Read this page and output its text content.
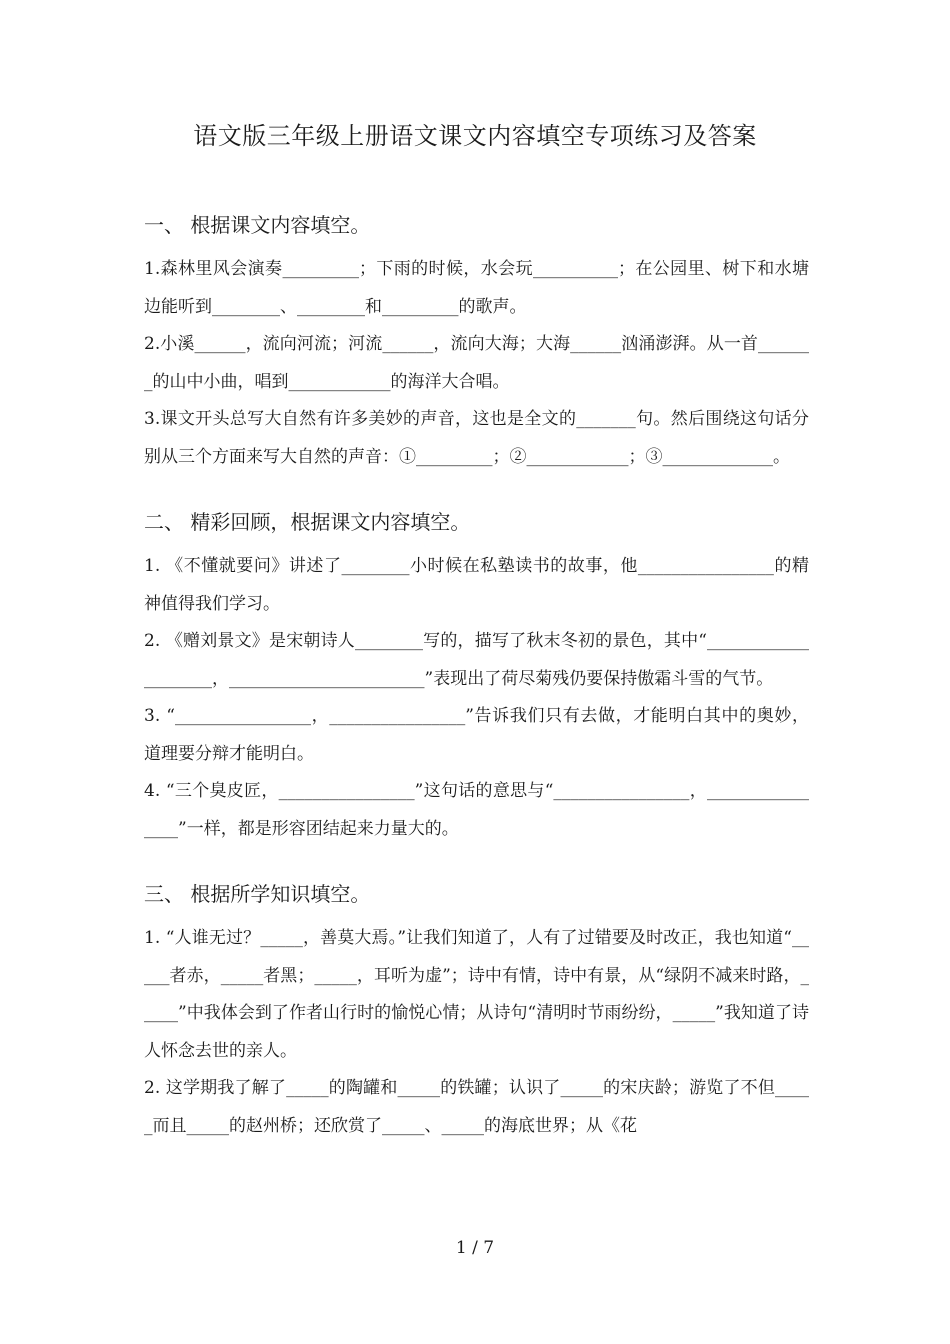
语文版三年级上册语文课文内容填空专项练习及答案

一、 根据课文内容填空。

1.森林里风会演奏_________；下雨的时候，水会玩__________；在公园里、树下和水塘边能听到________、________和_________的歌声。

2.小溪______，流向河流；河流______，流向大海；大海______汹涌澎湃。从一首_______的山中小曲，唱到____________的海洋大合唱。

3.课文开头总写大自然有许多美妙的声音，这也是全文的_______句。然后围绕这句话分别从三个方面来写大自然的声音：①_________；②____________；③_____________。

二、 精彩回顾，根据课文内容填空。

1. 《不懂就要问》讲述了________小时候在私塾读书的故事，他________________的精神值得我们学习。

2. 《赠刘景文》是宋朝诗人________写的，描写了秋末冬初的景色，其中“____________________，_______________________”表现出了荷尽菊残仍要保持傲霜斗雪的气节。

3. “________________，________________”告诉我们只有去做，才能明白其中的奥妙，道理要分辩才能明白。

4. “三个臭皮匠，________________”这句话的意思与“________________，________________”一样，都是形容团结起来力量大的。

三、 根据所学知识填空。

1. “人谁无过？_____，善莫大焉。”让我们知道了，人有了过错要及时改正，我也知道“_____者赤，_____者黑；_____，耳听为虚”；诗中有情，诗中有景，从“绿阴不减来时路，_____”中我体会到了作者山行时的愉悦心情；从诗句“清明时节雨纷纷，_____”我知道了诗人怀念去世的亲人。

2. 这学期我了解了_____的陶罐和_____的铁罐；认识了_____的宋庆龄；游览了不但_____而且_____的赵州桥；还欣赏了_____、_____的海底世界；从《花

1 / 7
